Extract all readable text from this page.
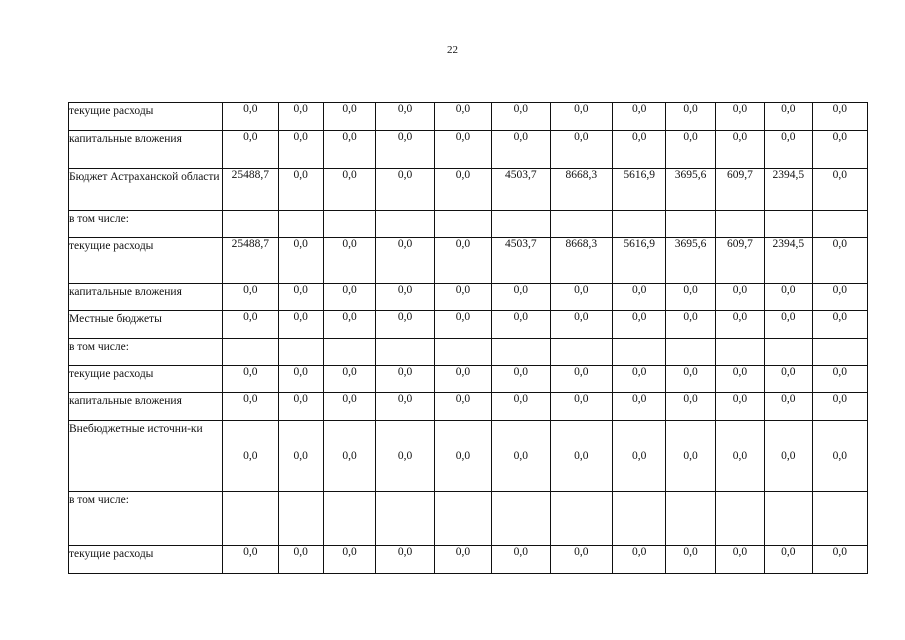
22
текущие расходы	0,0	0,0	0,0	0,0	0,0	0,0	0,0	0,0	0,0	0,0	0,0	0,0
капитальные вложения	0,0	0,0	0,0	0,0	0,0	0,0	0,0	0,0	0,0	0,0	0,0	0,0
Бюджет Астраханской области	25488,7	0,0	0,0	0,0	0,0	4503,7	8668,3	5616,9	3695,6	609,7	2394,5	0,0
в том числе:												
текущие расходы	25488,7	0,0	0,0	0,0	0,0	4503,7	8668,3	5616,9	3695,6	609,7	2394,5	0,0
капитальные вложения	0,0	0,0	0,0	0,0	0,0	0,0	0,0	0,0	0,0	0,0	0,0	0,0
Местные бюджеты	0,0	0,0	0,0	0,0	0,0	0,0	0,0	0,0	0,0	0,0	0,0	0,0
в том числе:												
текущие расходы	0,0	0,0	0,0	0,0	0,0	0,0	0,0	0,0	0,0	0,0	0,0	0,0
капитальные вложения	0,0	0,0	0,0	0,0	0,0	0,0	0,0	0,0	0,0	0,0	0,0	0,0
Внебюджетные источни-ки	0,0	0,0	0,0	0,0	0,0	0,0	0,0	0,0	0,0	0,0	0,0	0,0
в том числе:												
текущие расходы	0,0	0,0	0,0	0,0	0,0	0,0	0,0	0,0	0,0	0,0	0,0	0,0
